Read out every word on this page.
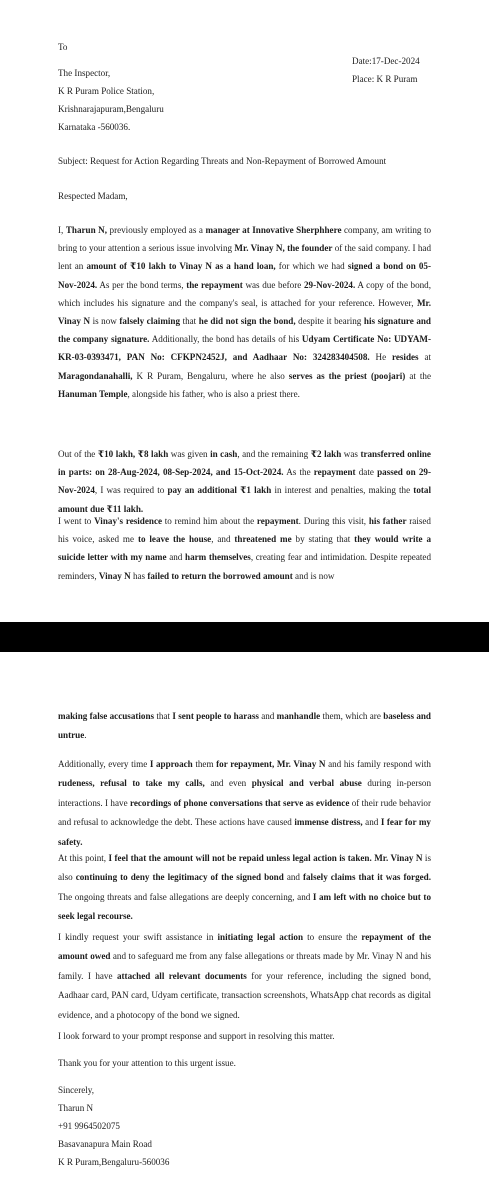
To
The Inspector,
K R Puram Police Station,
Krishnarajapuram,Bengaluru
Karnataka -560036.
Date:17-Dec-2024
Place: K R Puram
Subject: Request for Action Regarding Threats and Non-Repayment of Borrowed Amount
Respected Madam,

I, Tharun N, previously employed as a manager at Innovative Sherphhere company, am writing to bring to your attention a serious issue involving Mr. Vinay N, the founder of the said company. I had lent an amount of ₹10 lakh to Vinay N as a hand loan, for which we had signed a bond on 05-Nov-2024. As per the bond terms, the repayment was due before 29-Nov-2024. A copy of the bond, which includes his signature and the company's seal, is attached for your reference. However, Mr. Vinay N is now falsely claiming that he did not sign the bond, despite it bearing his signature and the company signature. Additionally, the bond has details of his Udyam Certificate No: UDYAM-KR-03-0393471, PAN No: CFKPN2452J, and Aadhaar No: 324283404508. He resides at Maragondanahalli, K R Puram, Bengaluru, where he also serves as the priest (poojari) at the Hanuman Temple, alongside his father, who is also a priest there.

Out of the ₹10 lakh, ₹8 lakh was given in cash, and the remaining ₹2 lakh was transferred online in parts: on 28-Aug-2024, 08-Sep-2024, and 15-Oct-2024. As the repayment date passed on 29-Nov-2024, I was required to pay an additional ₹1 lakh in interest and penalties, making the total amount due ₹11 lakh.

I went to Vinay's residence to remind him about the repayment. During this visit, his father raised his voice, asked me to leave the house, and threatened me by stating that they would write a suicide letter with my name and harm themselves, creating fear and intimidation. Despite repeated reminders, Vinay N has failed to return the borrowed amount and is now

making false accusations that I sent people to harass and manhandle them, which are baseless and untrue.

Additionally, every time I approach them for repayment, Mr. Vinay N and his family respond with rudeness, refusal to take my calls, and even physical and verbal abuse during in-person interactions. I have recordings of phone conversations that serve as evidence of their rude behavior and refusal to acknowledge the debt. These actions have caused immense distress, and I fear for my safety.

At this point, I feel that the amount will not be repaid unless legal action is taken. Mr. Vinay N is also continuing to deny the legitimacy of the signed bond and falsely claims that it was forged. The ongoing threats and false allegations are deeply concerning, and I am left with no choice but to seek legal recourse.

I kindly request your swift assistance in initiating legal action to ensure the repayment of the amount owed and to safeguard me from any false allegations or threats made by Mr. Vinay N and his family. I have attached all relevant documents for your reference, including the signed bond, Aadhaar card, PAN card, Udyam certificate, transaction screenshots, WhatsApp chat records as digital evidence, and a photocopy of the bond we signed.

I look forward to your prompt response and support in resolving this matter.

Thank you for your attention to this urgent issue.

Sincerely,
Tharun N
+91 9964502075
Basavanapura Main Road
K R Puram,Bengaluru-560036
